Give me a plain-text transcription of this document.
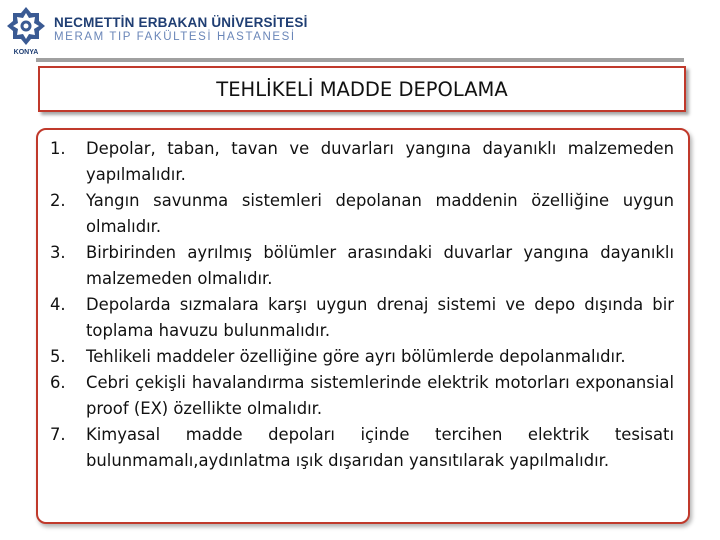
KONYA
NECMETTİN ERBAKAN ÜNİVERSİTESİ
MERAM TIP FAKÜLTESİ HASTANESİ
TEHLİKELİ MADDE DEPOLAMA
1. Depolar, taban, tavan ve duvarları yangına dayanıklı malzemeden yapılmalıdır.
2. Yangın savunma sistemleri depolanan maddenin özelliğine uygun olmalıdır.
3. Birbirinden ayrılmış bölümler arasındaki duvarlar yangına dayanıklı malzemeden olmalıdır.
4. Depolarda sızmalara karşı uygun drenaj sistemi ve depo dışında bir toplama havuzu bulunmalıdır.
5. Tehlikeli maddeler özelliğine göre ayrı bölümlerde depolanmalıdır.
6. Cebri çekişli havalandırma sistemlerinde elektrik motorları exponansial proof (EX) özellikte olmalıdır.
7. Kimyasal madde depoları içinde tercihen elektrik tesisatı bulunmamalı,aydınlatma ışık dışarıdan yansıtılarak yapılmalıdır.
